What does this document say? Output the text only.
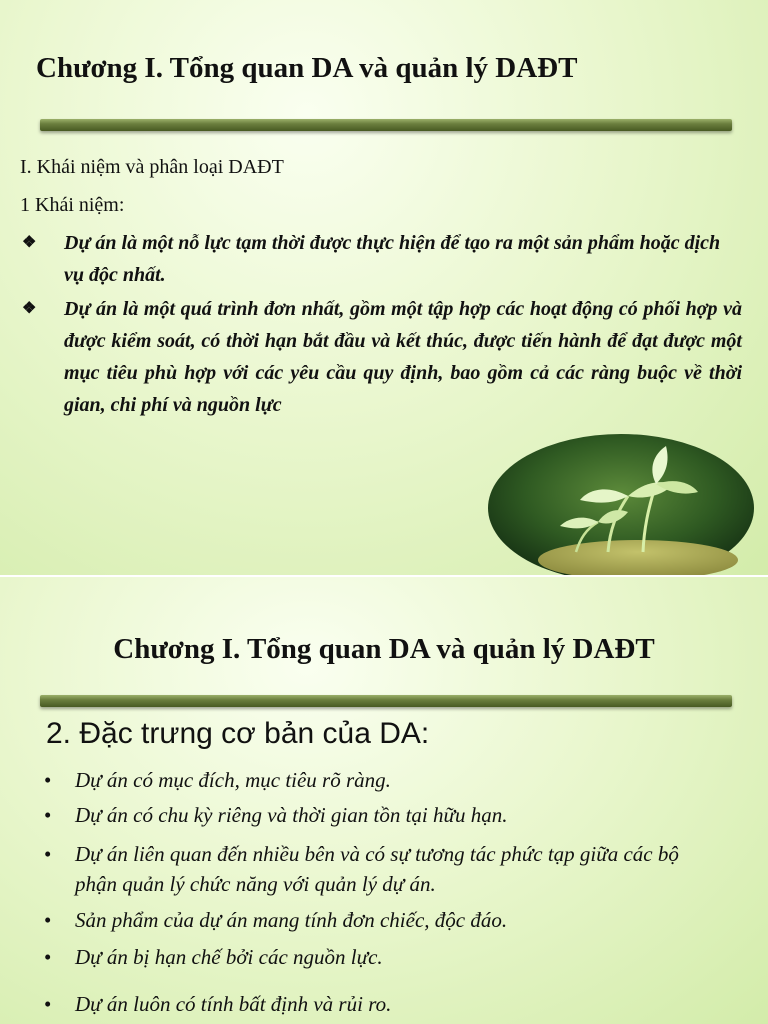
Chương I. Tổng quan DA và quản lý DAĐT
I. Khái niệm và phân loại DAĐT
1 Khái niệm:
❖	Dự án là một nỗ lực tạm thời được thực hiện để tạo ra một sản phẩm hoặc dịch vụ độc nhất.
❖	Dự án là một quá trình đơn nhất, gồm một tập hợp các hoạt động có phối hợp và được kiểm soát, có thời hạn bắt đầu và kết thúc, được tiến hành để đạt được một mục tiêu phù hợp với các yêu cầu quy định, bao gồm cả các ràng buộc về thời gian, chi phí và nguồn lực
Chương I. Tổng quan DA và quản lý DAĐT
2. Đặc trưng cơ bản của DA:
•	Dự án có mục đích, mục tiêu rõ ràng.
•	Dự án có chu kỳ riêng và thời gian tồn tại hữu hạn.
•	Dự án liên quan đến nhiều bên và có sự tương tác phức tạp giữa các bộ phận quản lý chức năng với quản lý dự án.
•	Sản phẩm của dự án mang tính đơn chiếc, độc đáo.
•	Dự án bị hạn chế bởi các nguồn lực.
•	Dự án luôn có tính bất định và rủi ro.
